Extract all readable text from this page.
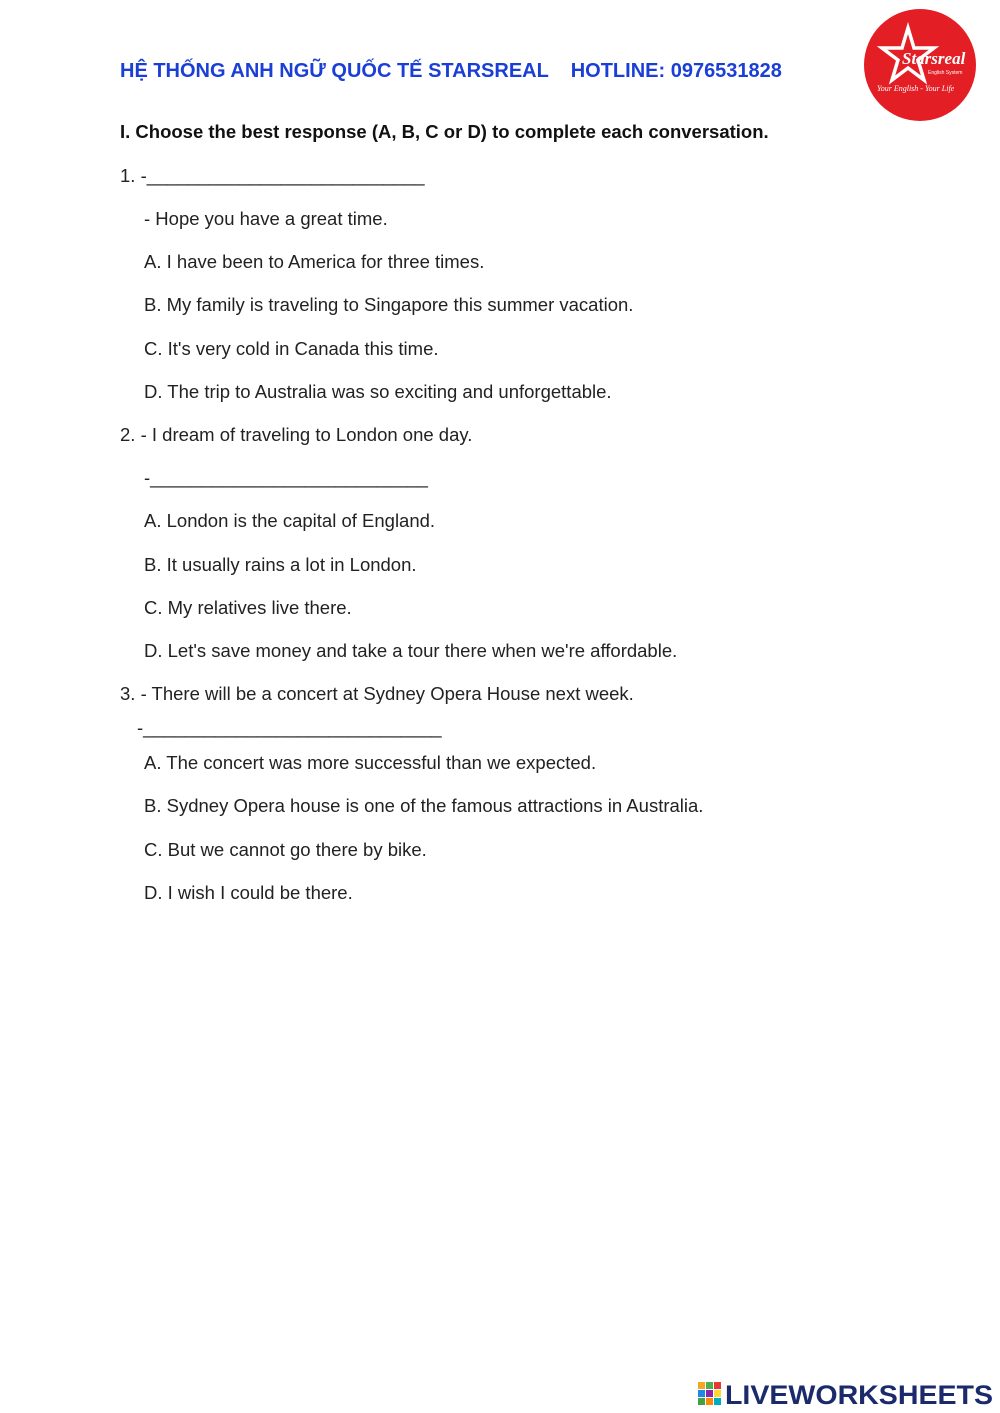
HỆ THỐNG ANH NGỮ QUỐC TẾ STARSREAL HOTLINE: 0976531828
Starsreal
English System
Your English - Your Life
I. Choose the best response (A, B, C or D) to complete each conversation.
1. -___________________________
- Hope you have a great time.
A. I have been to America for three times.
B. My family is traveling to Singapore this summer vacation.
C. It's very cold in Canada this time.
D. The trip to Australia was so exciting and unforgettable.
2. - I dream of traveling to London one day.
-___________________________
A. London is the capital of England.
B. It usually rains a lot in London.
C. My relatives live there.
D. Let's save money and take a tour there when we're affordable.
3. - There will be a concert at Sydney Opera House next week.
-_____________________________
A. The concert was more successful than we expected.
B. Sydney Opera house is one of the famous attractions in Australia.
C. But we cannot go there by bike.
D. I wish I could be there.
LIVEWORKSHEETS
